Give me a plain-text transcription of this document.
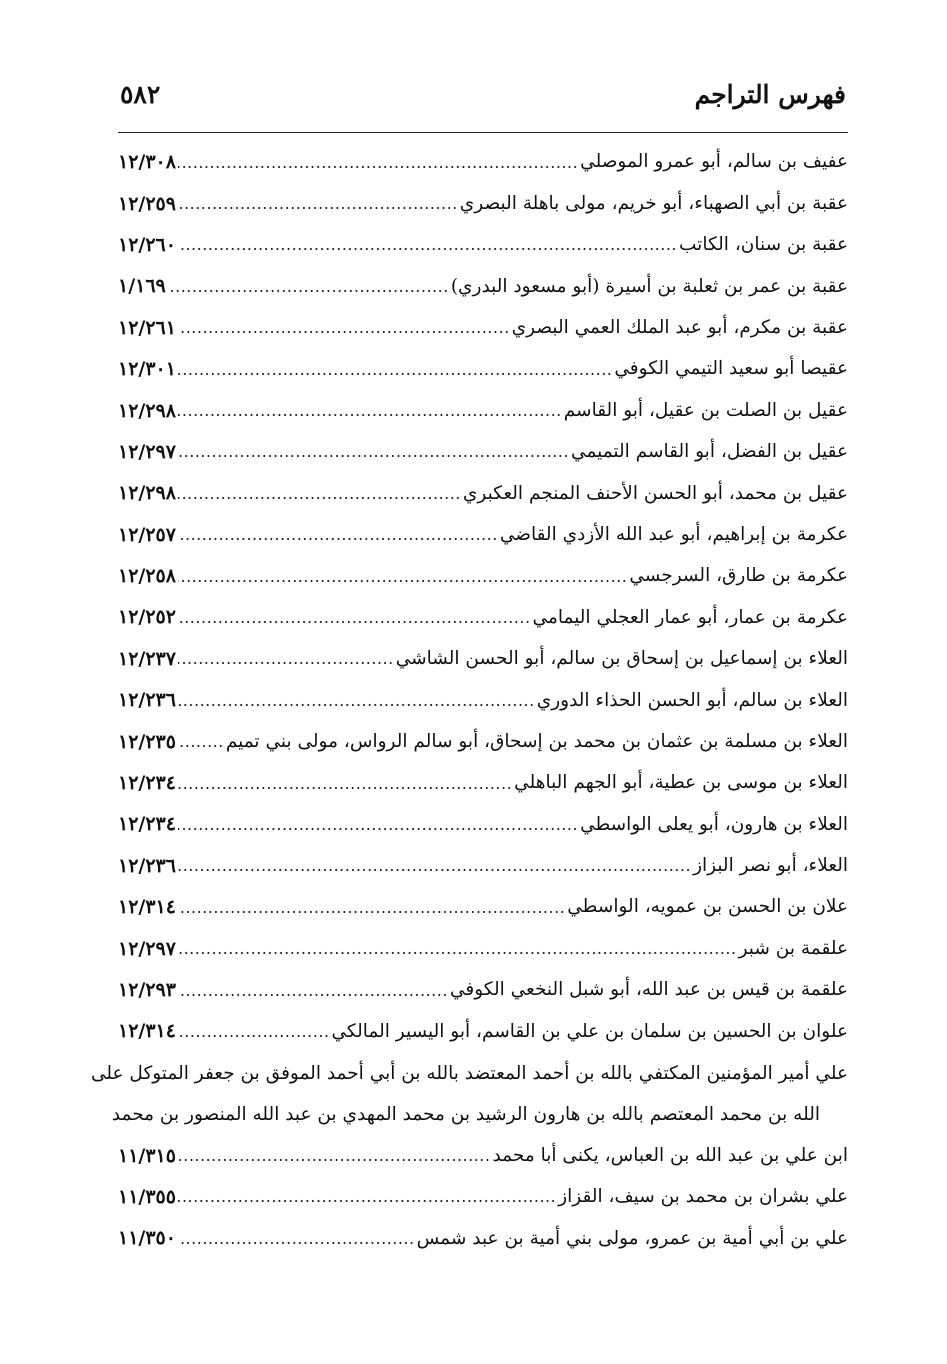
فهرس التراجم
٥٨٢
عفيف بن سالم، أبو عمرو الموصلي
.....
١٢/٣٠٨
عقبة بن أبي الصهباء، أبو خريم، مولى باهلة البصري
.....
١٢/٢٥٩
عقبة بن سنان، الكاتب
.....
١٢/٢٦٠
عقبة بن عمر بن ثعلبة بن أسيرة (أبو مسعود البدري)
.....
١/١٦٩
عقبة بن مكرم، أبو عبد الملك العمي البصري
.....
١٢/٢٦١
عقيصا أبو سعيد التيمي الكوفي
.....
١٢/٣٠١
عقيل بن الصلت بن عقيل، أبو القاسم
.....
١٢/٢٩٨
عقيل بن الفضل، أبو القاسم التميمي
.....
١٢/٢٩٧
عقيل بن محمد، أبو الحسن الأحنف المنجم العكبري
.....
١٢/٢٩٨
عكرمة بن إبراهيم، أبو عبد الله الأزدي القاضي
.....
١٢/٢٥٧
عكرمة بن طارق، السرجسي
.....
١٢/٢٥٨
عكرمة بن عمار، أبو عمار العجلي اليمامي
.....
١٢/٢٥٢
العلاء بن إسماعيل بن إسحاق بن سالم، أبو الحسن الشاشي
.....
١٢/٢٣٧
العلاء بن سالم، أبو الحسن الحذاء الدوري
.....
١٢/٢٣٦
العلاء بن مسلمة بن عثمان بن محمد بن إسحاق، أبو سالم الرواس، مولى بني تميم
.....
١٢/٢٣٥
العلاء بن موسى بن عطية، أبو الجهم الباهلي
.....
١٢/٢٣٤
العلاء بن هارون، أبو يعلى الواسطي
.....
١٢/٢٣٤
العلاء، أبو نصر البزاز
.....
١٢/٢٣٦
علان بن الحسن بن عمويه، الواسطي
.....
١٢/٣١٤
علقمة بن شبر
.....
١٢/٢٩٧
علقمة بن قيس بن عبد الله، أبو شبل النخعي الكوفي
.....
١٢/٢٩٣
علوان بن الحسين بن سلمان بن علي بن القاسم، أبو اليسير المالكي
.....
١٢/٣١٤
علي أمير المؤمنين المكتفي بالله بن أحمد المعتضد بالله بن أبي أحمد الموفق بن جعفر المتوكل على
الله بن محمد المعتصم بالله بن هارون الرشيد بن محمد المهدي بن عبد الله المنصور بن محمد
ابن علي بن عبد الله بن العباس، يكنى أبا محمد
.....
١١/٣١٥
علي بشران بن محمد بن سيف، القزاز
.....
١١/٣٥٥
علي بن أبي أمية بن عمرو، مولى بني أمية بن عبد شمس
.....
١١/٣٥٠
